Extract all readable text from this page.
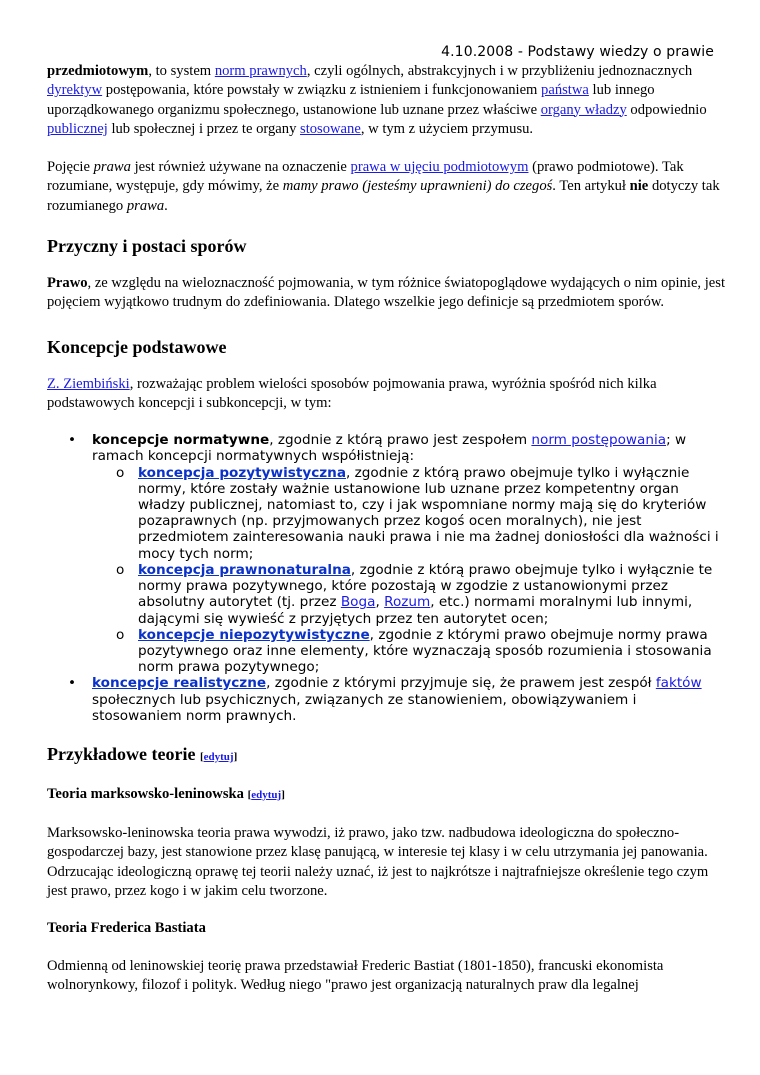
4.10.2008 - Podstawy wiedzy o prawie

przedmiotowym, to system norm prawnych, czyli ogólnych, abstrakcyjnych i w przybliżeniu jednoznacznych dyrektyw postępowania, które powstały w związku z istnieniem i funkcjonowaniem państwa lub innego uporządkowanego organizmu społecznego, ustanowione lub uznane przez właściwe organy władzy odpowiednio publicznej lub społecznej i przez te organy stosowane, w tym z użyciem przymusu.

Pojęcie prawa jest również używane na oznaczenie prawa w ujęciu podmiotowym (prawo podmiotowe). Tak rozumiane, występuje, gdy mówimy, że mamy prawo (jesteśmy uprawnieni) do czegoś. Ten artykuł nie dotyczy tak rozumianego prawa.

Przyczny i postaci sporów

Prawo, ze względu na wieloznaczność pojmowania, w tym różnice światopoglądowe wydających o nim opinie, jest pojęciem wyjątkowo trudnym do zdefiniowania. Dlatego wszelkie jego definicje są przedmiotem sporów.

Koncepcje podstawowe

Z. Ziembiński, rozważając problem wielości sposobów pojmowania prawa, wyróżnia spośród nich kilka podstawowych koncepcji i subkoncepcji, w tym:

• koncepcje normatywne, zgodnie z którą prawo jest zespołem norm postępowania; w ramach koncepcji normatywnych współistnieją:
o koncepcja pozytywistyczna, zgodnie z którą prawo obejmuje tylko i wyłącznie normy, które zostały ważnie ustanowione lub uznane przez kompetentny organ władzy publicznej, natomiast to, czy i jak wspomniane normy mają się do kryteriów pozaprawnych (np. przyjmowanych przez kogoś ocen moralnych), nie jest przedmiotem zainteresowania nauki prawa i nie ma żadnej doniosłości dla ważności i mocy tych norm;
o koncepcja prawnonaturalna, zgodnie z którą prawo obejmuje tylko i wyłącznie te normy prawa pozytywnego, które pozostają w zgodzie z ustanowionymi przez absolutny autorytet (tj. przez Boga, Rozum, etc.) normami moralnymi lub innymi, dającymi się wywieść z przyjętych przez ten autorytet ocen;
o koncepcje niepozytywistyczne, zgodnie z którymi prawo obejmuje normy prawa pozytywnego oraz inne elementy, które wyznaczają sposób rozumienia i stosowania norm prawa pozytywnego;
• koncepcje realistyczne, zgodnie z którymi przyjmuje się, że prawem jest zespół faktów społecznych lub psychicznych, związanych ze stanowieniem, obowiązywaniem i stosowaniem norm prawnych.
Przykładowe teorie [edytuj]
Teoria marksowsko-leninowska [edytuj]

Marksowsko-leninowska teoria prawa wywodzi, iż prawo, jako tzw. nadbudowa ideologiczna do społeczno-gospodarczej bazy, jest stanowione przez klasę panującą, w interesie tej klasy i w celu utrzymania jej panowania. Odrzucając ideologiczną oprawę tej teorii należy uznać, iż jest to najkrótsze i najtrafniejsze określenie tego czym jest prawo, przez kogo i w jakim celu tworzone.

Teoria Frederica Bastiata

Odmienną od leninowskiej teorię prawa przedstawiał Frederic Bastiat (1801-1850), francuski ekonomista wolnorynkowy, filozof i polityk. Według niego "prawo jest organizacją naturalnych praw dla legalnej
